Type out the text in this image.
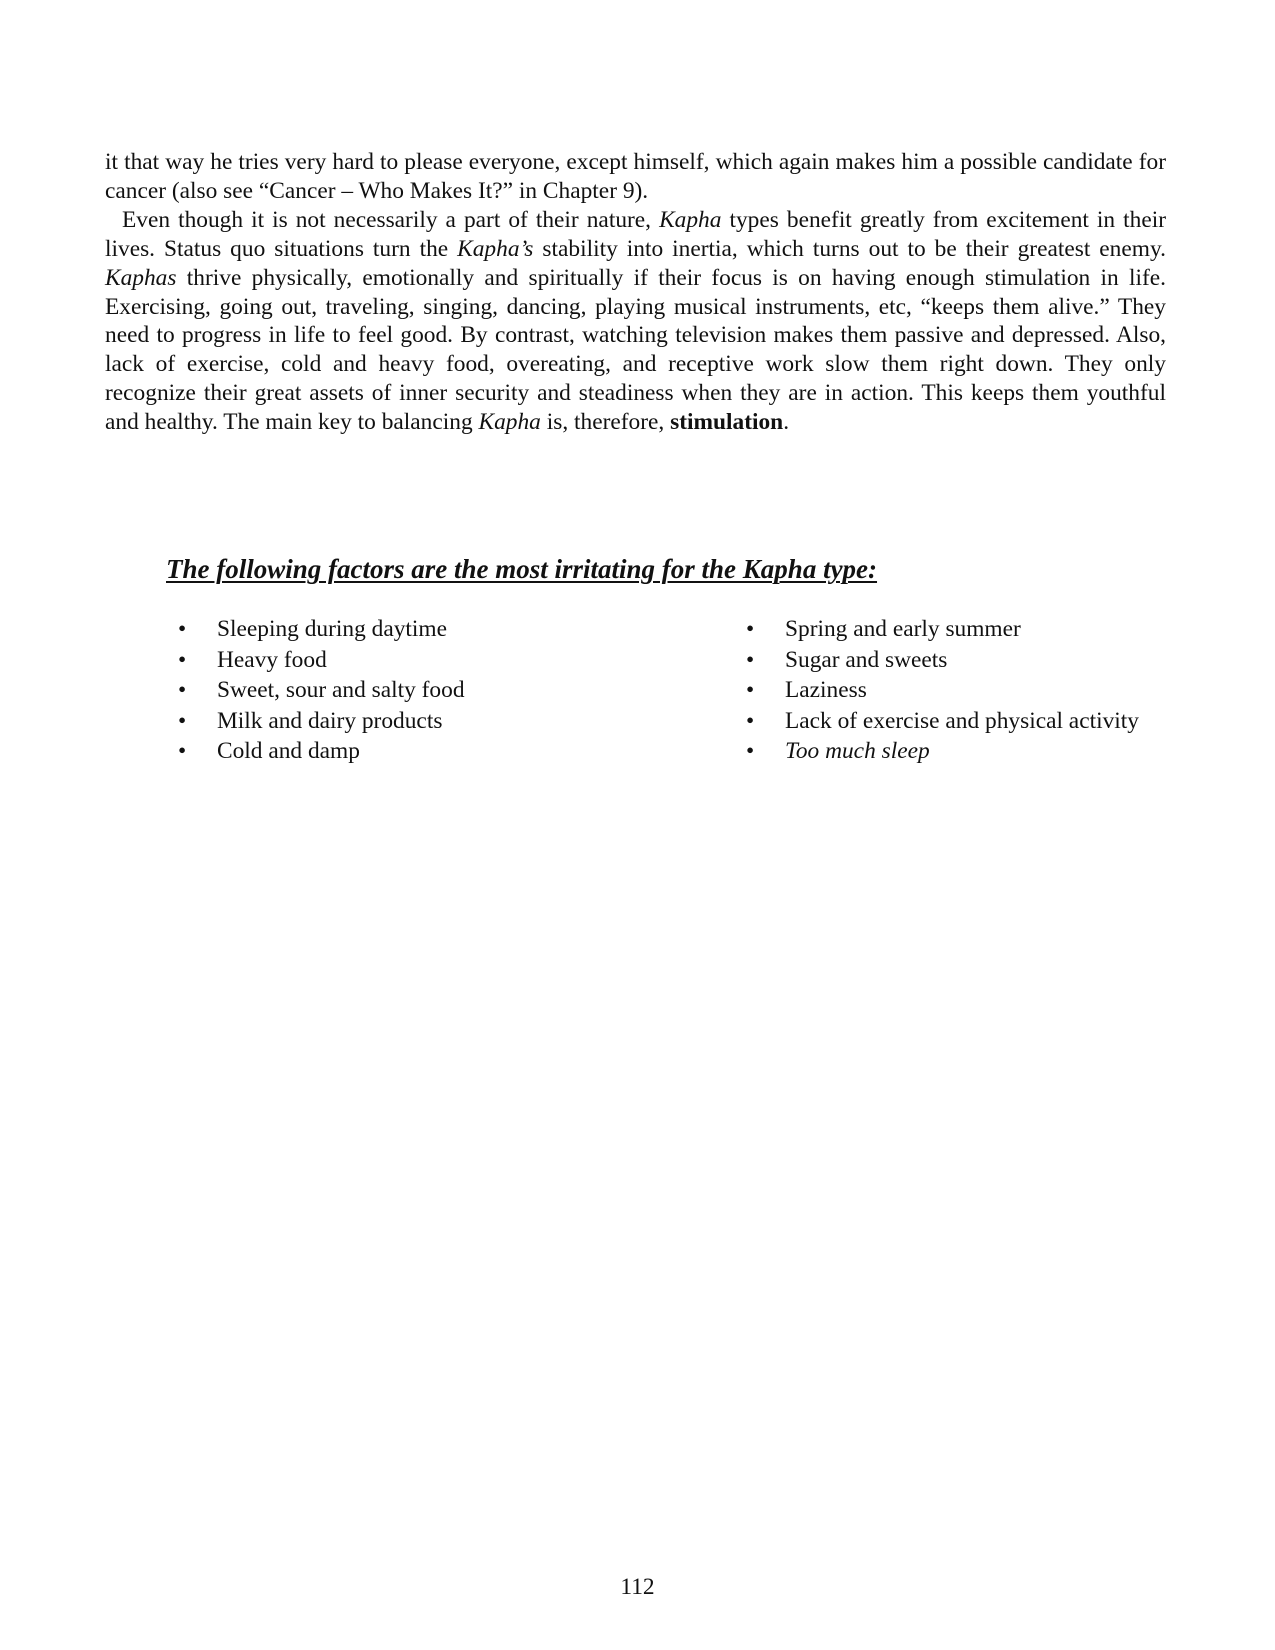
it that way he tries very hard to please everyone, except himself, which again makes him a possible candidate for cancer (also see “Cancer – Who Makes It?” in Chapter 9).

Even though it is not necessarily a part of their nature, Kapha types benefit greatly from excitement in their lives. Status quo situations turn the Kapha’s stability into inertia, which turns out to be their greatest enemy. Kaphas thrive physically, emotionally and spiritually if their focus is on having enough stimulation in life. Exercising, going out, traveling, singing, dancing, playing musical instruments, etc, “keeps them alive.” They need to progress in life to feel good. By contrast, watching television makes them passive and depressed. Also, lack of exercise, cold and heavy food, overeating, and receptive work slow them right down. They only recognize their great assets of inner security and steadiness when they are in action. This keeps them youthful and healthy. The main key to balancing Kapha is, therefore, stimulation.

The following factors are the most irritating for the Kapha type:
• Sleeping during daytime
• Heavy food
• Sweet, sour and salty food
• Milk and dairy products
• Cold and damp
• Spring and early summer
• Sugar and sweets
• Laziness
• Lack of exercise and physical activity
• Too much sleep
112
